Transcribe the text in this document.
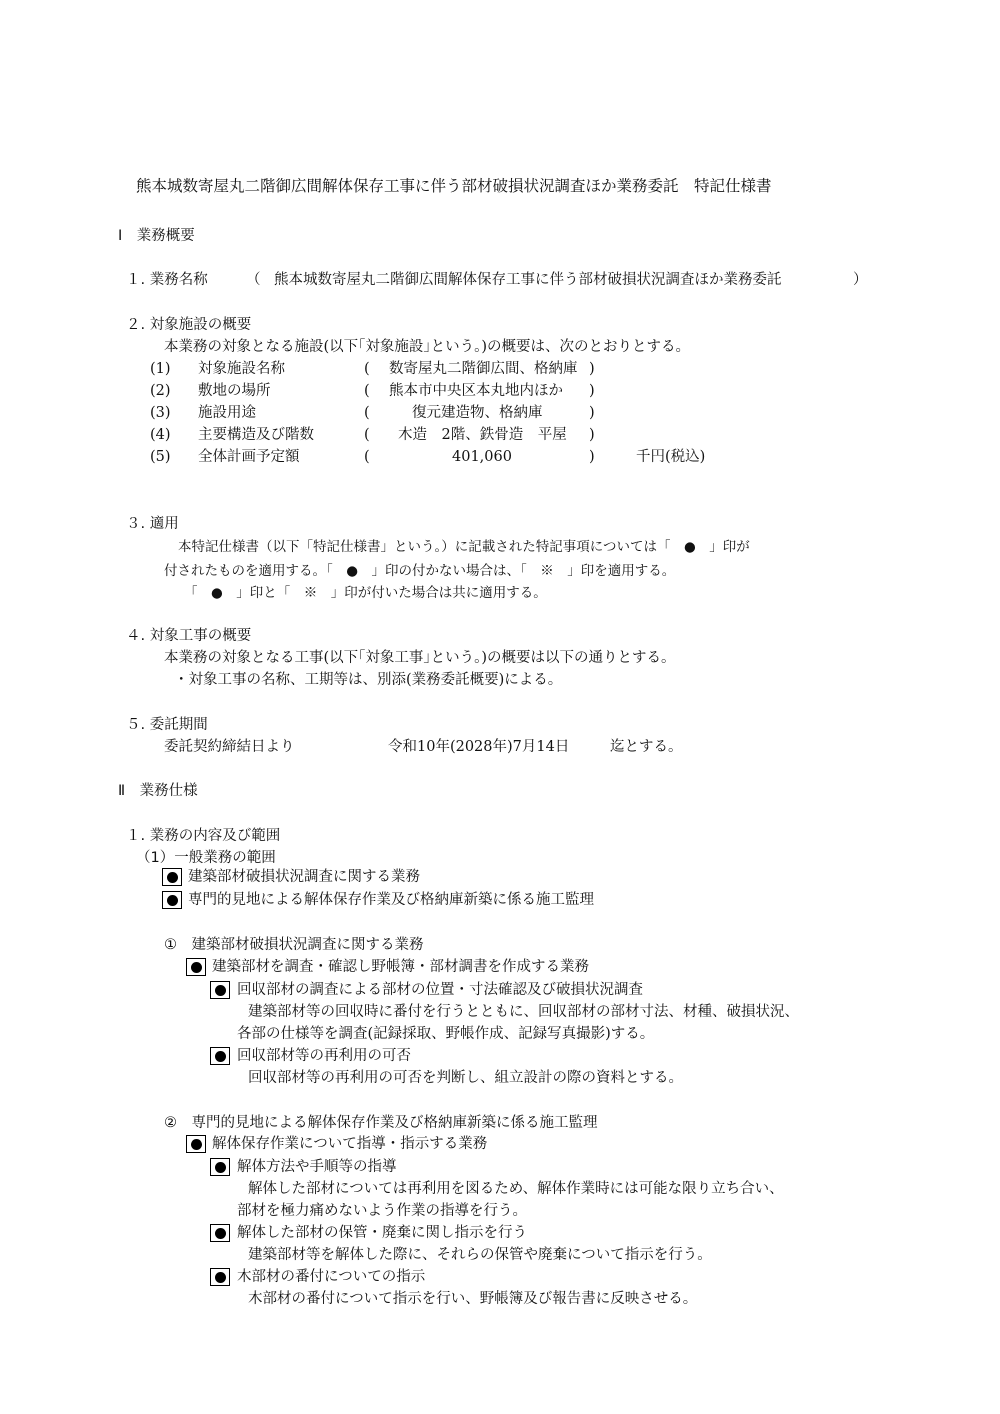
熊本城数寄屋丸二階御広間解体保存工事に伴う部材破損状況調査ほか業務委託　特記仕様書
Ⅰ　業務概要
１. 業務名称	（ 熊本城数寄屋丸二階御広間解体保存工事に伴う部材破損状況調査ほか業務委託	）
２. 対象施設の概要
本業務の対象となる施設(以下｢対象施設｣という。)の概要は、次のとおりとする。
(1) 対象施設名称	( 数寄屋丸二階御広間、格納庫 )
(2) 敷地の場所	( 熊本市中央区本丸地内ほか )
(3) 施設用途	(	復元建造物、格納庫	)
(4) 主要構造及び階数	( 木造　2階、鉄骨造　平屋 )
(5) 全体計画予定額	(	401,060	)	千円(税込)
３. 適用
本特記仕様書（以下「特記仕様書」という。）に記載された特記事項については「　●　」印が
付されたものを適用する。「　●　」印の付かない場合は、「　※　」印を適用する。
「　●　」印と「　※　」印が付いた場合は共に適用する。
４. 対象工事の概要
本業務の対象となる工事(以下｢対象工事｣という。)の概要は以下の通りとする。
・対象工事の名称、工期等は、別添(業務委託概要)による。
５. 委託期間
委託契約締結日より	令和10年(2028年)7月14日	迄とする。
Ⅱ　業務仕様
１. 業務の内容及び範囲
（1）一般業務の範囲
建築部材破損状況調査に関する業務
専門的見地による解体保存作業及び格納庫新築に係る施工監理
①　建築部材破損状況調査に関する業務
建築部材を調査・確認し野帳簿・部材調書を作成する業務
回収部材の調査による部材の位置・寸法確認及び破損状況調査
建築部材等の回収時に番付を行うとともに、回収部材の部材寸法、材種、破損状況、
各部の仕様等を調査(記録採取、野帳作成、記録写真撮影)する。
回収部材等の再利用の可否
回収部材等の再利用の可否を判断し、組立設計の際の資料とする。
②　専門的見地による解体保存作業及び格納庫新築に係る施工監理
解体保存作業について指導・指示する業務
解体方法や手順等の指導
解体した部材については再利用を図るため、解体作業時には可能な限り立ち合い、
部材を極力痛めないよう作業の指導を行う。
解体した部材の保管・廃棄に関し指示を行う
建築部材等を解体した際に、それらの保管や廃棄について指示を行う。
木部材の番付についての指示
木部材の番付について指示を行い、野帳簿及び報告書に反映させる。
